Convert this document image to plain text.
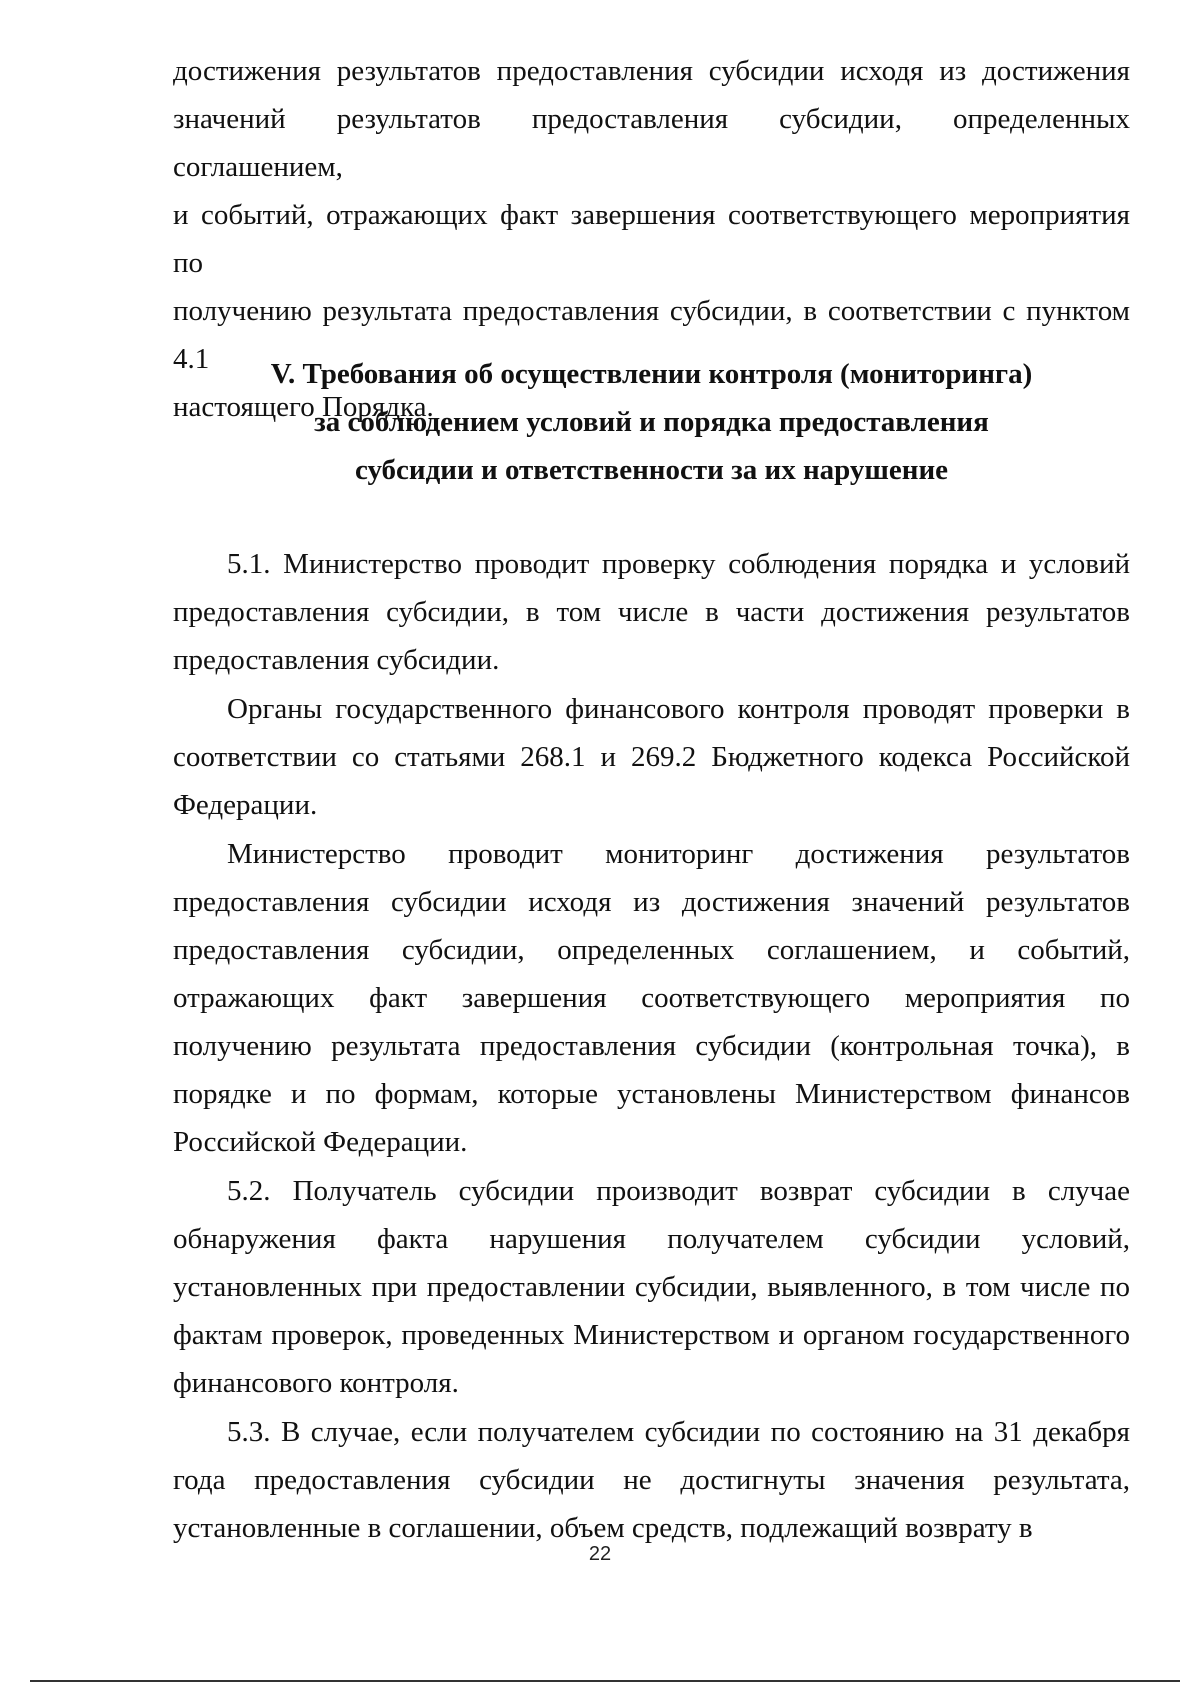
достижения результатов предоставления субсидии исходя из достижения
значений результатов предоставления субсидии, определенных соглашением,
и событий, отражающих факт завершения соответствующего мероприятия по
получению результата предоставления субсидии, в соответствии с пунктом 4.1
настоящего Порядка.
V. Требования об осуществлении контроля (мониторинга)
за соблюдением условий и порядка предоставления
субсидии и ответственности за их нарушение

5.1. Министерство проводит проверку соблюдения порядка и условий предоставления субсидии, в том числе в части достижения результатов предоставления субсидии.

Органы государственного финансового контроля проводят проверки в соответствии со статьями 268.1 и 269.2 Бюджетного кодекса Российской Федерации.

Министерство проводит мониторинг достижения результатов предоставления субсидии исходя из достижения значений результатов предоставления субсидии, определенных соглашением, и событий, отражающих факт завершения соответствующего мероприятия по получению результата предоставления субсидии (контрольная точка), в порядке и по формам, которые установлены Министерством финансов Российской Федерации.

5.2. Получатель субсидии производит возврат субсидии в случае обнаружения факта нарушения получателем субсидии условий, установленных при предоставлении субсидии, выявленного, в том числе по фактам проверок, проведенных Министерством и органом государственного финансового контроля.

5.3. В случае, если получателем субсидии по состоянию на 31 декабря года предоставления субсидии не достигнуты значения результата, установленные в соглашении, объем средств, подлежащий возврату в

22
